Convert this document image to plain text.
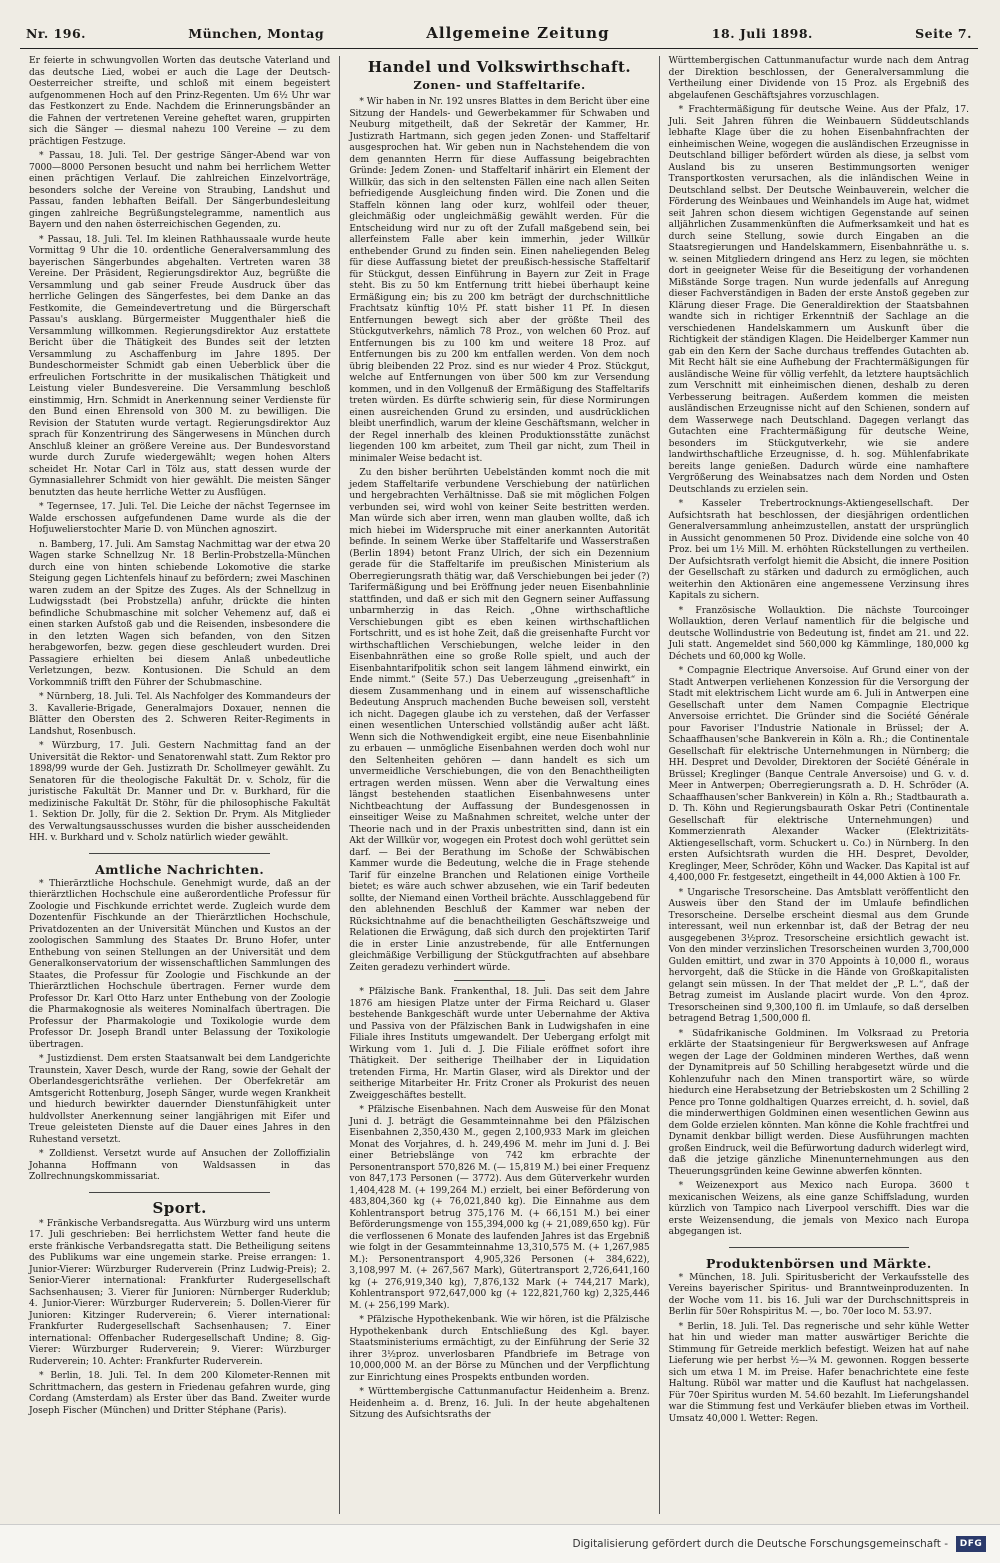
Nr. 196.	München, Montag	Allgemeine Zeitung	18. Juli 1898.	Seite 7.

Er feierte in schwungvollen Worten das deutsche Vaterland und das deutsche Lied, wobei er auch die Lage der Deutsch-Oesterreicher streifte, und schloß mit einem begeistert aufgenommenen Hoch auf den Prinz-Regenten. Um 6½ Uhr war das Festkonzert zu Ende. Nachdem die Erinnerungsbänder an die Fahnen der vertretenen Vereine geheftet waren, gruppirten sich die Sänger — diesmal nahezu 100 Vereine — zu dem prächtigen Festzuge.

* Passau, 18. Juli. Tel. Der gestrige Sänger-Abend war von 7000—8000 Personen besucht und nahm bei herrlichem Wetter einen prächtigen Verlauf. Die zahlreichen Einzelvorträge, besonders solche der Vereine von Straubing, Landshut und Passau, fanden lebhaften Beifall. Der Sängerbundesleitung gingen zahlreiche Begrüßungstelegramme, namentlich aus Bayern und den nahen österreichischen Gegenden, zu.

* Passau, 18. Juli. Tel. Im kleinen Rathhaussaale wurde heute Vormittag 9 Uhr die 10. ordentliche Generalversammlung des bayerischen Sängerbundes abgehalten. Vertreten waren 38 Vereine. Der Präsident, Regierungsdirektor Auz, begrüßte die Versammlung und gab seiner Freude Ausdruck über das herrliche Gelingen des Sängerfestes, bei dem Danke an das Festkomite, die Gemeindevertretung und die Bürgerschaft Passau's ausklang. Bürgermeister Muggenthaler hieß die Versammlung willkommen. Regierungsdirektor Auz erstattete Bericht über die Thätigkeit des Bundes seit der letzten Versammlung zu Aschaffenburg im Jahre 1895. Der Bundeschormeister Schmidt gab einen Ueberblick über die erfreulichen Fortschritte in der musikalischen Thätigkeit und Leistung vieler Bundesvereine. Die Versammlung beschloß einstimmig, Hrn. Schmidt in Anerkennung seiner Verdienste für den Bund einen Ehrensold von 300 M. zu bewilligen. Die Revision der Statuten wurde vertagt. Regierungsdirektor Auz sprach für Konzentrirung des Sängerwesens in München durch Anschluß kleiner an größere Vereine aus. Der Bundesvorstand wurde durch Zurufe wiedergewählt; wegen hohen Alters scheidet Hr. Notar Carl in Tölz aus, statt dessen wurde der Gymnasiallehrer Schmidt von hier gewählt. Die meisten Sänger benutzten das heute herrliche Wetter zu Ausflügen.

* Tegernsee, 17. Juli. Tel. Die Leiche der nächst Tegernsee im Walde erschossen aufgefundenen Dame wurde als die der Hofjuwelierstochter Marie D. von München agnoszirt.

n. Bamberg, 17. Juli. Am Samstag Nachmittag war der etwa 20 Wagen starke Schnellzug Nr. 18 Berlin-Probstzella-München durch eine von hinten schiebende Lokomotive die starke Steigung gegen Lichtenfels hinauf zu befördern; zwei Maschinen waren zudem an der Spitze des Zuges. Als der Schnellzug in Ludwigsstadt (bei Probstzella) anfuhr, drückte die hinten befindliche Schubmaschine mit solcher Vehemenz auf, daß ei einen starken Aufstoß gab und die Reisenden, insbesondere die in den letzten Wagen sich befanden, von den Sitzen herabgeworfen, bezw. gegen diese geschleudert wurden. Drei Passagiere erhielten bei diesem Anlaß unbedeutliche Verletzungen, bezw. Kontusionen. Die Schuld an dem Vorkommniß trifft den Führer der Schubmaschine.

* Nürnberg, 18. Juli. Tel. Als Nachfolger des Kommandeurs der 3. Kavallerie-Brigade, Generalmajors Doxauer, nennen die Blätter den Obersten des 2. Schweren Reiter-Regiments in Landshut, Rosenbusch.

* Würzburg, 17. Juli. Gestern Nachmittag fand an der Universität die Rektor- und Senatorenwahl statt. Zum Rektor pro 1898/99 wurde der Geh. Justizrath Dr. Schollmeyer gewählt. Zu Senatoren für die theologische Fakultät Dr. v. Scholz, für die juristische Fakultät Dr. Manner und Dr. v. Burkhard, für die medizinische Fakultät Dr. Stöhr, für die philosophische Fakultät 1. Sektion Dr. Jolly, für die 2. Sektion Dr. Prym. Als Mitglieder des Verwaltungsausschusses wurden die bisher ausscheidenden HH. v. Burkhard und v. Scholz natürlich wieder gewählt.

Amtliche Nachrichten.

* Thierärztliche Hochschule. Genehmigt wurde, daß an der thierärztlichen Hochschule eine außerordentliche Professur für Zoologie und Fischkunde errichtet werde. Zugleich wurde dem Dozentenfür Fischkunde an der Thierärztlichen Hochschule, Privatdozenten an der Universität München und Kustos an der zoologischen Sammlung des Staates Dr. Bruno Hofer, unter Enthebung von seinen Stellungen an der Universität und dem Generalkonservatorium der wissenschaftlichen Sammlungen des Staates, die Professur für Zoologie und Fischkunde an der Thierärztlichen Hochschule übertragen. Ferner wurde dem Professor Dr. Karl Otto Harz unter Enthebung von der Zoologie die Pharmakognosie als weiteres Nominalfach übertragen. Die Professur der Pharmakologie und Toxikologie wurde dem Professor Dr. Joseph Brandl unter Belassung der Toxikologie übertragen.

* Justizdienst. Dem ersten Staatsanwalt bei dem Landgerichte Traunstein, Xaver Desch, wurde der Rang, sowie der Gehalt der Oberlandesgerichtsräthe verliehen. Der Oberfekretär am Amtsgericht Rottenburg, Joseph Sänger, wurde wegen Krankheit und hiedurch bewirkter dauernder Dienstunfähigkeit unter huldvollster Anerkennung seiner langjährigen mit Eifer und Treue geleisteten Dienste auf die Dauer eines Jahres in den Ruhestand versetzt.

* Zolldienst. Versetzt wurde auf Ansuchen der Zolloffizialin Johanna Hoffmann von Waldsassen in das Zollrechnungskommissariat.

Sport.

* Fränkische Verbandsregatta. Aus Würzburg wird uns unterm 17. Juli geschrieben: Bei herrlichstem Wetter fand heute die erste fränkische Verbandsregatta statt. Die Betheiligung seitens des Publikums war eine ungemein starke. Preise errangen: 1. Junior-Vierer: Würzburger Ruderverein (Prinz Ludwig-Preis); 2. Senior-Vierer international: Frankfurter Rudergesellschaft Sachsenhausen; 3. Vierer für Junioren: Nürnberger Ruderklub; 4. Junior-Vierer: Würzburger Ruderverein; 5. Dollen-Vierer für Junioren: Kitzinger Ruderverein; 6. Vierer international: Frankfurter Rudergesellschaft Sachsenhausen; 7. Einer international: Offenbacher Rudergesellschaft Undine; 8. Gig-Vierer: Würzburger Ruderverein; 9. Vierer: Würzburger Ruderverein; 10. Achter: Frankfurter Ruderverein.

* Berlin, 18. Juli. Tel. In dem 200 Kilometer-Rennen mit Schrittmachern, das gestern in Friedenau gefahren wurde, ging Cordang (Amsterdam) als Erster über das Band. Zweiter wurde Joseph Fischer (München) und Dritter Stéphane (Paris).

Handel und Volkswirthschaft.
Zonen- und Staffeltarife.

* Wir haben in Nr. 192 unsres Blattes in dem Bericht über eine Sitzung der Handels- und Gewerbekammer für Schwaben und Neuburg mitgetheilt, daß der Sekretär der Kammer, Hr. Justizrath Hartmann, sich gegen jeden Zonen- und Staffeltarif ausgesprochen hat. Wir geben nun in Nachstehendem die von dem genannten Herrn für diese Auffassung beigebrachten Gründe: Jedem Zonen- und Staffeltarif inhärirt ein Element der Willkür, das sich in den seltensten Fällen eine nach allen Seiten befriedigende Ausgleichung finden wird. Die Zonen und die Staffeln können lang oder kurz, wohlfeil oder theuer, gleichmäßig oder ungleichmäßig gewählt werden. Für die Entscheidung wird nur zu oft der Zufall maßgebend sein, bei allerfeinstem Falle aber kein immerhin, jeder Willkür enthebender Grund zu finden sein. Einen naheliegenden Beleg für diese Auffassung bietet der preußisch-hessische Staffeltarif für Stückgut, dessen Einführung in Bayern zur Zeit in Frage steht. Bis zu 50 km Entfernung tritt hiebei überhaupt keine Ermäßigung ein; bis zu 200 km beträgt der durchschnittliche Frachtsatz künftig 10½ Pf. statt bisher 11 Pf. In diesen Entfernungen bewegt sich aber der größte Theil des Stückgutverkehrs, nämlich 78 Proz., von welchen 60 Proz. auf Entfernungen bis zu 100 km und weitere 18 Proz. auf Entfernungen bis zu 200 km entfallen werden. Von dem noch übrig bleibenden 22 Proz. sind es nur wieder 4 Proz. Stückgut, welche auf Entfernungen von über 500 km zur Versendung kommen, und in den Vollgenuß der Ermäßigung des Staffeltarifs treten würden. Es dürfte schwierig sein, für diese Normirungen einen ausreichenden Grund zu ersinden, und ausdrücklichen bleibt unerfindlich, warum der kleine Geschäftsmann, welcher in der Regel innerhalb des kleinen Produktionsstätte zunächst liegenden 100 km arbeitet, zum Theil gar nicht, zum Theil in minimaler Weise bedacht ist.

Zu den bisher berührten Uebelständen kommt noch die mit jedem Staffeltarife verbundene Verschiebung der natürlichen und hergebrachten Verhältnisse. Daß sie mit möglichen Folgen verbunden sei, wird wohl von keiner Seite bestritten werden. Man würde sich aber irren, wenn man glauben wollte, daß ich mich hiebei im Widerspruche mit einer anerkannten Autorität befinde. In seinem Werke über Staffeltarife und Wasserstraßen (Berlin 1894) betont Franz Ulrich, der sich ein Dezennium gerade für die Staffeltarife im preußischen Ministerium als Oberregierungsrath thätig war, daß Verschiebungen bei jeder (?) Tarifermäßigung und bei Eröffnung jeder neuen Eisenbahnlinie stattfinden, und daß er sich mit den Gegnern seiner Auffassung unbarmherzig in das Reich. „Ohne wirthschaftliche Verschiebungen gibt es eben keinen wirthschaftlichen Fortschritt, und es ist hohe Zeit, daß die greisenhafte Furcht vor wirthschaftlichen Verschiebungen, welche leider in den Eisenbahnräthen eine so große Rolle spielt, und auch der Eisenbahntarifpolitik schon seit langem lähmend einwirkt, ein Ende nimmt.“ (Seite 57.) Das Ueberzeugung „greisenhaft“ in diesem Zusammenhang und in einem auf wissenschaftliche Bedeutung Anspruch machenden Buche beweisen soll, versteht ich nicht. Dagegen glaube ich zu verstehen, daß der Verfasser einen wesentlichen Unterschied vollständig außer acht läßt. Wenn sich die Nothwendigkeit ergibt, eine neue Eisenbahnlinie zu erbauen — unmögliche Eisenbahnen werden doch wohl nur den Seltenheiten gehören — dann handelt es sich um unvermeidliche Verschiebungen, die von den Benachtheiligten ertragen werden müssen. Wenn aber die Verwaltung eines längst bestehenden staatlichen Eisenbahnwesens unter Nichtbeachtung der Auffassung der Bundesgenossen in einseitiger Weise zu Maßnahmen schreitet, welche unter der Theorie nach und in der Praxis unbestritten sind, dann ist ein Akt der Willkür vor, wogegen ein Protest doch wohl gerüttet sein darf. — Bei der Berathung im Schoße der Schwäbischen Kammer wurde die Bedeutung, welche die in Frage stehende Tarif für einzelne Branchen und Relationen einige Vortheile bietet; es wäre auch schwer abzusehen, wie ein Tarif bedeuten sollte, der Niemand einen Vortheil brächte. Ausschlaggebend für den ablehnenden Beschluß der Kammer war neben der Rücksichtnahme auf die benachtheiligten Geschäftszweige und Relationen die Erwägung, daß sich durch den projektirten Tarif die in erster Linie anzustrebende, für alle Entfernungen gleichmäßige Verbilligung der Stückgutfrachten auf absehbare Zeiten geradezu verhindert würde.

* Pfälzische Bank. Frankenthal, 18. Juli. Das seit dem Jahre 1876 am hiesigen Platze unter der Firma Reichard u. Glaser bestehende Bankgeschäft wurde unter Uebernahme der Aktiva und Passiva von der Pfälzischen Bank in Ludwigshafen in eine Filiale ihres Instituts umgewandelt. Der Uebergang erfolgt mit Wirkung vom 1. Juli d. J. Die Filiale eröffnet sofort ihre Thätigkeit. Der seitherige Theilhaber der in Liquidation tretenden Firma, Hr. Martin Glaser, wird als Direktor und der seitherige Mitarbeiter Hr. Fritz Croner als Prokurist des neuen Zweiggeschäftes bestellt.

* Pfälzische Eisenbahnen. Nach dem Ausweise für den Monat Juni d. J. beträgt die Gesammteinnahme bei den Pfälzischen Eisenbahnen 2,350,430 M., gegen 2,100,933 Mark im gleichen Monat des Vorjahres, d. h. 249,496 M. mehr im Juni d. J. Bei einer Betriebslänge von 742 km erbrachte der Personentransport 570,826 M. (— 15,819 M.) bei einer Frequenz von 847,173 Personen (— 3772). Aus dem Güterverkehr wurden 1,404,428 M. (+ 199,264 M.) erzielt, bei einer Beförderung von 483,804,360 kg (+ 76,021,840 kg). Die Einnahme aus dem Kohlentransport betrug 375,176 M. (+ 66,151 M.) bei einer Beförderungsmenge von 155,394,000 kg (+ 21,089,650 kg). Für die verflossenen 6 Monate des laufenden Jahres ist das Ergebniß wie folgt in der Gesammteinnahme 13,310,575 M. (+ 1,267,985 M.): Personentransport 4,905,326 Personen (+ 384,622), 3,108,997 M. (+ 267,567 Mark), Gütertransport 2,726,641,160 kg (+ 276,919,340 kg), 7,876,132 Mark (+ 744,217 Mark), Kohlentransport 972,647,000 kg (+ 122,821,760 kg) 2,325,446 M. (+ 256,199 Mark).

* Pfälzische Hypothekenbank. Wie wir hören, ist die Pfälzische Hypothekenbank durch Entschließung des Kgl. bayer. Staatsministeriums ermächtigt, zu der Einführung der Serie 32 ihrer 3½proz. unverlosbaren Pfandbriefe im Betrage von 10,000,000 M. an der Börse zu München und der Verpflichtung zur Einrichtung eines Prospekts entbunden worden.

* Württembergische Cattunmanufactur Heidenheim a. Brenz. Heidenheim a. d. Brenz, 16. Juli. In der heute abgehaltenen Sitzung des Aufsichtsraths der

Württembergischen Cattunmanufactur wurde nach dem Antrag der Direktion beschlossen, der Generalversammlung die Vertheilung einer Dividende von 15 Proz. als Ergebniß des abgelaufenen Geschäftsjahres vorzuschlagen.

* Frachtermäßigung für deutsche Weine. Aus der Pfalz, 17. Juli. Seit Jahren führen die Weinbauern Süddeutschlands lebhafte Klage über die zu hohen Eisenbahnfrachten der einheimischen Weine, wogegen die ausländischen Erzeugnisse in Deutschland billiger befördert würden als diese, ja selbst vom Ausland bis zu unseren Bestimmungsorten weniger Transportkosten verursachen, als die inländischen Weine in Deutschland selbst. Der Deutsche Weinbauverein, welcher die Förderung des Weinbaues und Weinhandels im Auge hat, widmet seit Jahren schon diesem wichtigen Gegenstande auf seinen alljährlichen Zusammenkünften die Aufmerksamkeit und hat es durch seine Stellung, sowie durch Eingaben an die Staatsregierungen und Handelskammern, Eisenbahnräthe u. s. w. seinen Mitgliedern dringend ans Herz zu legen, sie möchten dort in geeigneter Weise für die Beseitigung der vorhandenen Mißstände Sorge tragen. Nun wurde jedenfalls auf Anregung dieser Fachverständigen in Baden der erste Anstoß gegeben zur Klärung dieser Frage. Die Generaldirektion der Staatsbahnen wandte sich in richtiger Erkenntniß der Sachlage an die verschiedenen Handelskammern um Auskunft über die Richtigkeit der ständigen Klagen. Die Heidelberger Kammer nun gab ein den Kern der Sache durchaus treffendes Gutachten ab. Mit Recht hält sie eine Aufhebung der Frachtermäßigungen für ausländische Weine für völlig verfehlt, da letztere hauptsächlich zum Verschnitt mit einheimischen dienen, deshalb zu deren Verbesserung beitragen. Außerdem kommen die meisten ausländischen Erzeugnisse nicht auf den Schienen, sondern auf dem Wasserwege nach Deutschland. Dagegen verlangt das Gutachten eine Frachtermäßigung für deutsche Weine, besonders im Stückgutverkehr, wie sie andere landwirthschaftliche Erzeugnisse, d. h. sog. Mühlenfabrikate bereits lange genießen. Dadurch würde eine namhaftere Vergrößerung des Weinabsatzes nach dem Norden und Osten Deutschlands zu erzielen sein.

* Kasseler Trebertrocknungs-Aktiengesellschaft. Der Aufsichtsrath hat beschlossen, der diesjährigen ordentlichen Generalversammlung anheimzustellen, anstatt der ursprünglich in Aussicht genommenen 50 Proz. Dividende eine solche von 40 Proz. bei um 1½ Mill. M. erhöhten Rückstellungen zu vertheilen. Der Aufsichtsrath verfolgt hiemit die Absicht, die innere Position der Gesellschaft zu stärken und dadurch zu ermöglichen, auch weiterhin den Aktionären eine angemessene Verzinsung ihres Kapitals zu sichern.

* Französische Wollauktion. Die nächste Tourcoinger Wollauktion, deren Verlauf namentlich für die belgische und deutsche Wollindustrie von Bedeutung ist, findet am 21. und 22. Juli statt. Angemeldet sind 560,000 kg Kämmlinge, 180,000 kg Déchets und 60,000 kg Wolle.

* Compagnie Electrique Anversoise. Auf Grund einer von der Stadt Antwerpen verliehenen Konzession für die Versorgung der Stadt mit elektrischem Licht wurde am 6. Juli in Antwerpen eine Gesellschaft unter dem Namen Compagnie Electrique Anversoise errichtet. Die Gründer sind die Société Générale pour Favoriser l'Industrie Nationale in Brüssel; der A. Schaaffhausen'sche Bankverein in Köln a. Rh.; die Continentale Gesellschaft für elektrische Unternehmungen in Nürnberg; die HH. Despret und Devolder, Direktoren der Société Générale in Brüssel; Kreglinger (Banque Centrale Anversoise) und G. v. d. Meer in Antwerpen; Oberregierungsrath a. D. H. Schröder (A. Schaaffhausen'scher Bankverein) in Köln a. Rh.; Stadtbaurath a. D. Th. Köhn und Regierungsbaurath Oskar Petri (Continentale Gesellschaft für elektrische Unternehmungen) und Kommerzienrath Alexander Wacker (Elektrizitäts-Aktiengesellschaft, vorm. Schuckert u. Co.) in Nürnberg. In den ersten Aufsichtsrath wurden die HH. Despret, Devolder, Kreglinger, Meer, Schröder, Köhn und Wacker. Das Kapital ist auf 4,400,000 Fr. festgesetzt, eingetheilt in 44,000 Aktien à 100 Fr.

* Ungarische Tresorscheine. Das Amtsblatt veröffentlicht den Ausweis über den Stand der im Umlaufe befindlichen Tresorscheine. Derselbe erscheint diesmal aus dem Grunde interessant, weil nun erkennbar ist, daß der Betrag der neu ausgegebenen 3½proz. Tresorscheine ersichtlich gewacht ist. Von den minder verzinslichen Tresorscheinen wurden 3,700,000 Gulden emittirt, und zwar in 370 Appoints à 10,000 fl., woraus hervorgeht, daß die Stücke in die Hände von Großkapitalisten gelangt sein müssen. In der That meldet der „P. L.“, daß der Betrag zumeist im Auslande placirt wurde. Von den 4proz. Tresorscheinen sind 9,300,100 fl. im Umlaufe, so daß derselben betragend Betrag 1,500,000 fl.

* Südafrikanische Goldminen. Im Volksraad zu Pretoria erklärte der Staatsingenieur für Bergwerkswesen auf Anfrage wegen der Lage der Goldminen minderen Werthes, daß wenn der Dynamitpreis auf 50 Schilling herabgesetzt würde und die Kohlenzufuhr nach den Minen transportirt wäre, so würde hiedurch eine Herabsetzung der Betriebskosten um 2 Schilling 2 Pence pro Tonne goldhaltigen Quarzes erreicht, d. h. soviel, daß die minderwerthigen Goldminen einen wesentlichen Gewinn aus dem Golde erzielen könnten. Man könne die Kohle frachtfrei und Dynamit denkbar billigt werden. Diese Ausführungen machten großen Eindruck, weil die Befürwortung dadurch widerlegt wird, daß die jetzige gänzliche Minenunternehmungen aus den Theuerungsgründen keine Gewinne abwerfen könnten.

* Weizenexport aus Mexico nach Europa. 3600 t mexicanischen Weizens, als eine ganze Schiffsladung, wurden kürzlich von Tampico nach Liverpool verschifft. Dies war die erste Weizensendung, die jemals von Mexico nach Europa abgegangen ist.

Produktenbörsen und Märkte.

* München, 18. Juli. Spiritusbericht der Verkaufsstelle des Vereins bayerischer Spiritus- und Branntweinproduzenten. In der Woche vom 11. bis 16. Juli war der Durchschnittspreis in Berlin für 50er Rohspiritus M. —, bo. 70er loco M. 53.97.

* Berlin, 18. Juli. Tel. Das regnerische und sehr kühle Wetter hat hin und wieder man matter auswärtiger Berichte die Stimmung für Getreide merklich befestigt. Weizen hat auf nahe Lieferung wie per herbst ½—¾ M. gewonnen. Roggen besserte sich um etwa 1 M. im Preise. Hafer benachrichtete eine feste Haltung. Rüböl war matter und die Kauflust hat nachgelassen. Für 70er Spiritus wurden M. 54.60 bezahlt. Im Lieferungshandel war die Stimmung fest und Verkäufer blieben etwas im Vortheil. Umsatz 40,000 l. Wetter: Regen.

Digitalisierung gefördert durch die Deutsche Forschungsgemeinschaft -	DFG
